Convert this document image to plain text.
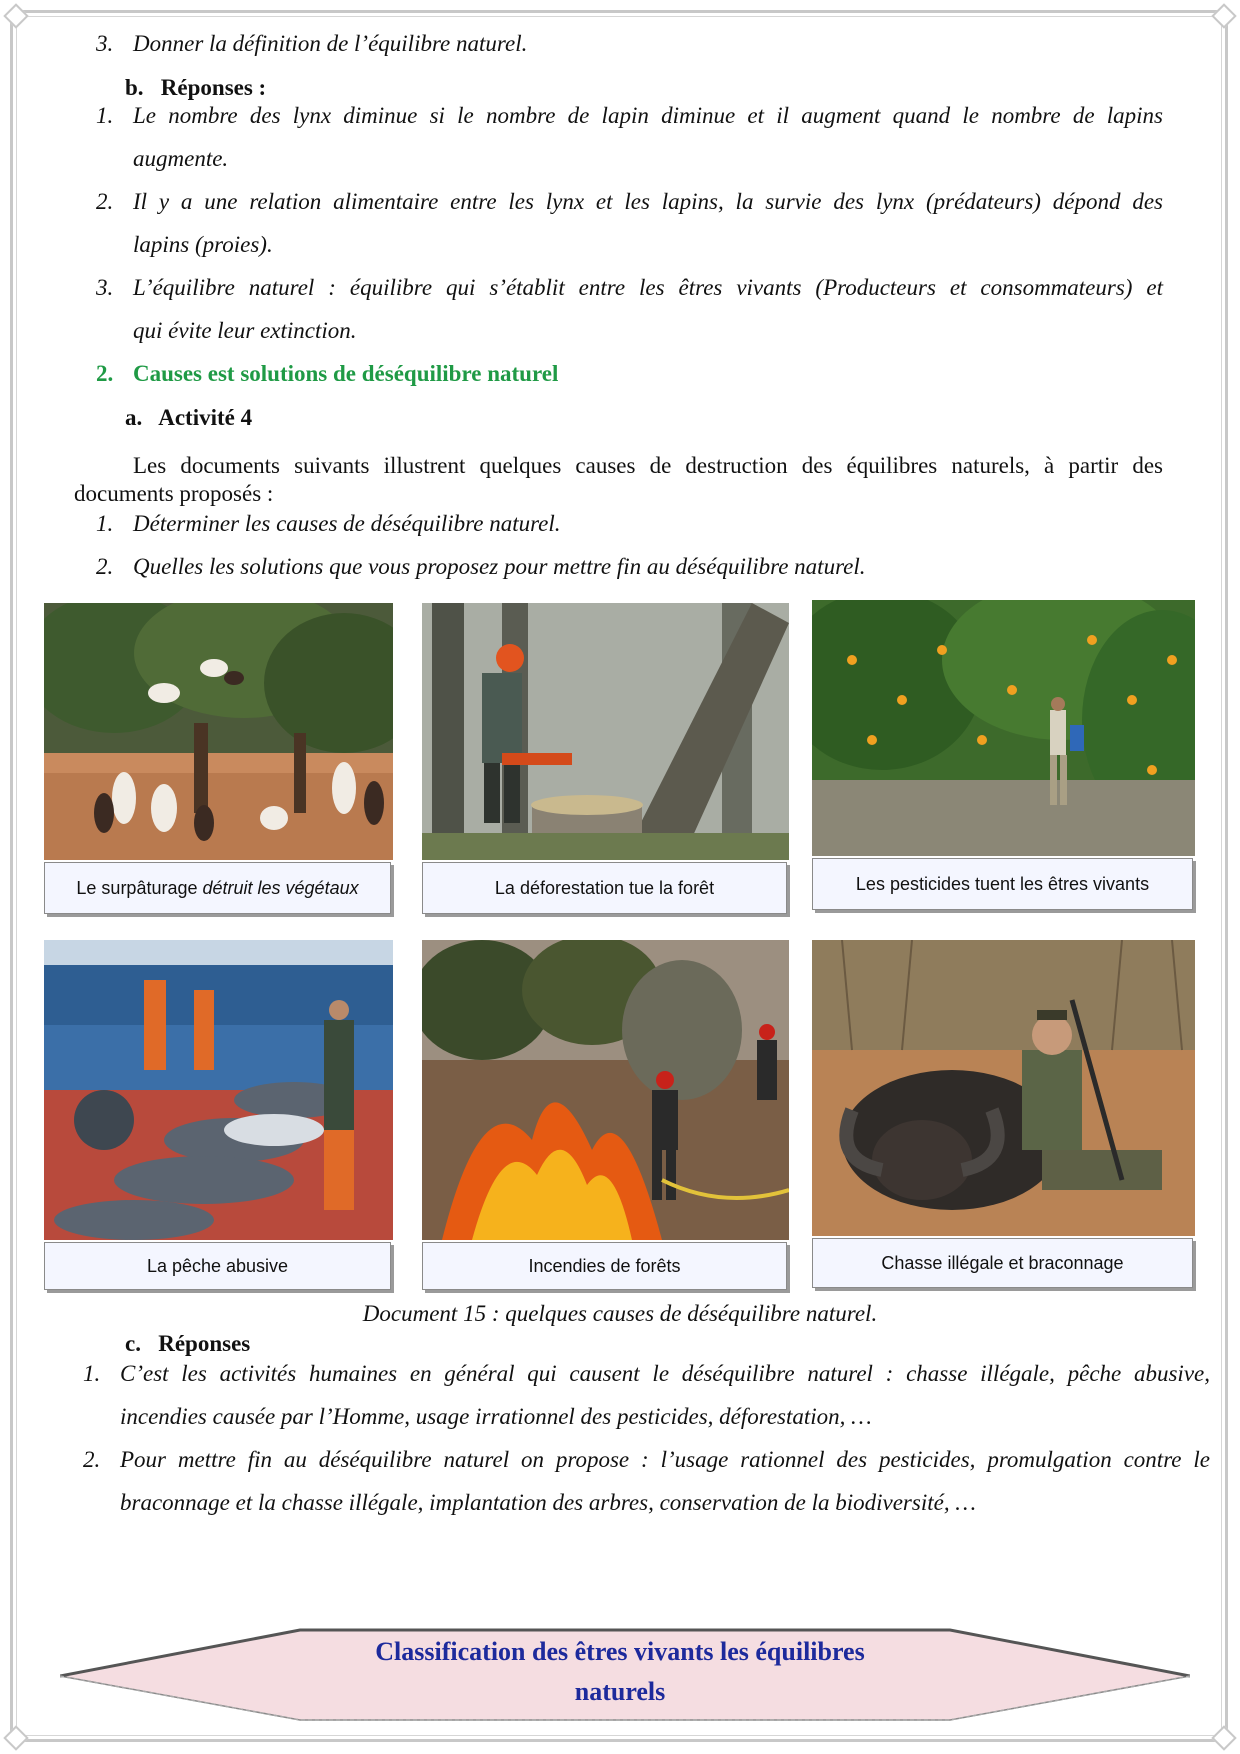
3. Donner la définition de l’équilibre naturel.
b. Réponses :
1. Le nombre des lynx diminue si le nombre de lapin diminue et il augment quand le nombre de lapins
augmente.
2. Il y a une relation alimentaire entre les lynx et les lapins, la survie des lynx (prédateurs) dépond des
lapins (proies).
3. L’équilibre naturel : équilibre qui s’établit entre les êtres vivants (Producteurs et consommateurs) et
qui évite leur extinction.
2. Causes est solutions de déséquilibre naturel
a. Activité 4
Les documents suivants illustrent quelques causes de destruction des équilibres naturels, à partir des
documents proposés :
1. Déterminer les causes de déséquilibre naturel.
2. Quelles les solutions que vous proposez pour mettre fin au déséquilibre naturel.
Le surpâturage détruit les végétaux	La déforestation tue la forêt	Les pesticides tuent les êtres vivants
La pêche abusive	Incendies de forêts	Chasse illégale et braconnage
Document 15 : quelques causes de déséquilibre naturel.
c. Réponses
1. C’est les activités humaines en général qui causent le déséquilibre naturel : chasse illégale, pêche abusive,
incendies causée par l’Homme, usage irrationnel des pesticides, déforestation, …
2. Pour mettre fin au déséquilibre naturel on propose : l’usage rationnel des pesticides, promulgation contre le
braconnage et la chasse illégale, implantation des arbres, conservation de la biodiversité, …
Classification des êtres vivants les équilibres
naturels
